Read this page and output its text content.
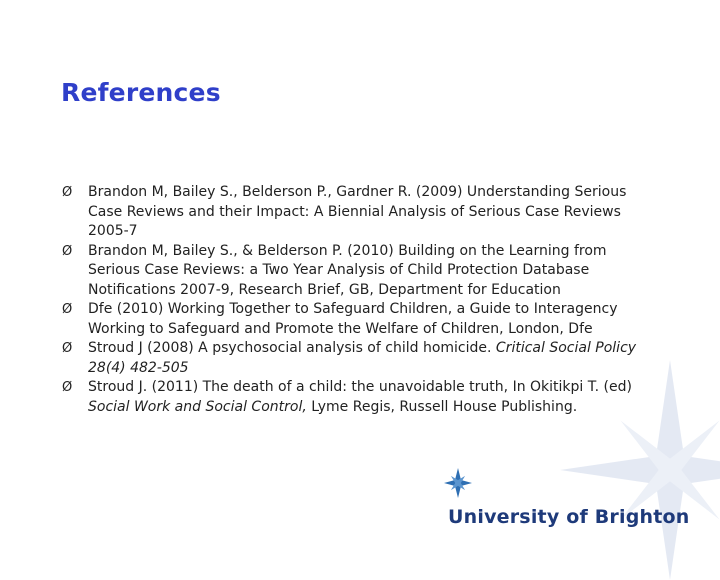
References
Ø	Brandon M, Bailey S., Belderson P., Gardner R. (2009) Understanding Serious Case Reviews and their Impact: A Biennial Analysis of Serious Case Reviews 2005-7
Ø	Brandon M, Bailey S., & Belderson P. (2010) Building on the Learning from Serious Case Reviews: a Two Year Analysis of Child Protection Database Notifications 2007-9, Research Brief, GB, Department for Education
Ø	Dfe (2010) Working Together to Safeguard Children, a Guide to Interagency Working to Safeguard and Promote the Welfare of Children, London, Dfe
Ø	Stroud J (2008) A psychosocial analysis of child homicide. Critical Social Policy 28(4) 482-505
Ø	Stroud J. (2011) The death of a child: the unavoidable truth, In Okitikpi T. (ed) Social Work and Social Control, Lyme Regis, Russell House Publishing.
University of Brighton
